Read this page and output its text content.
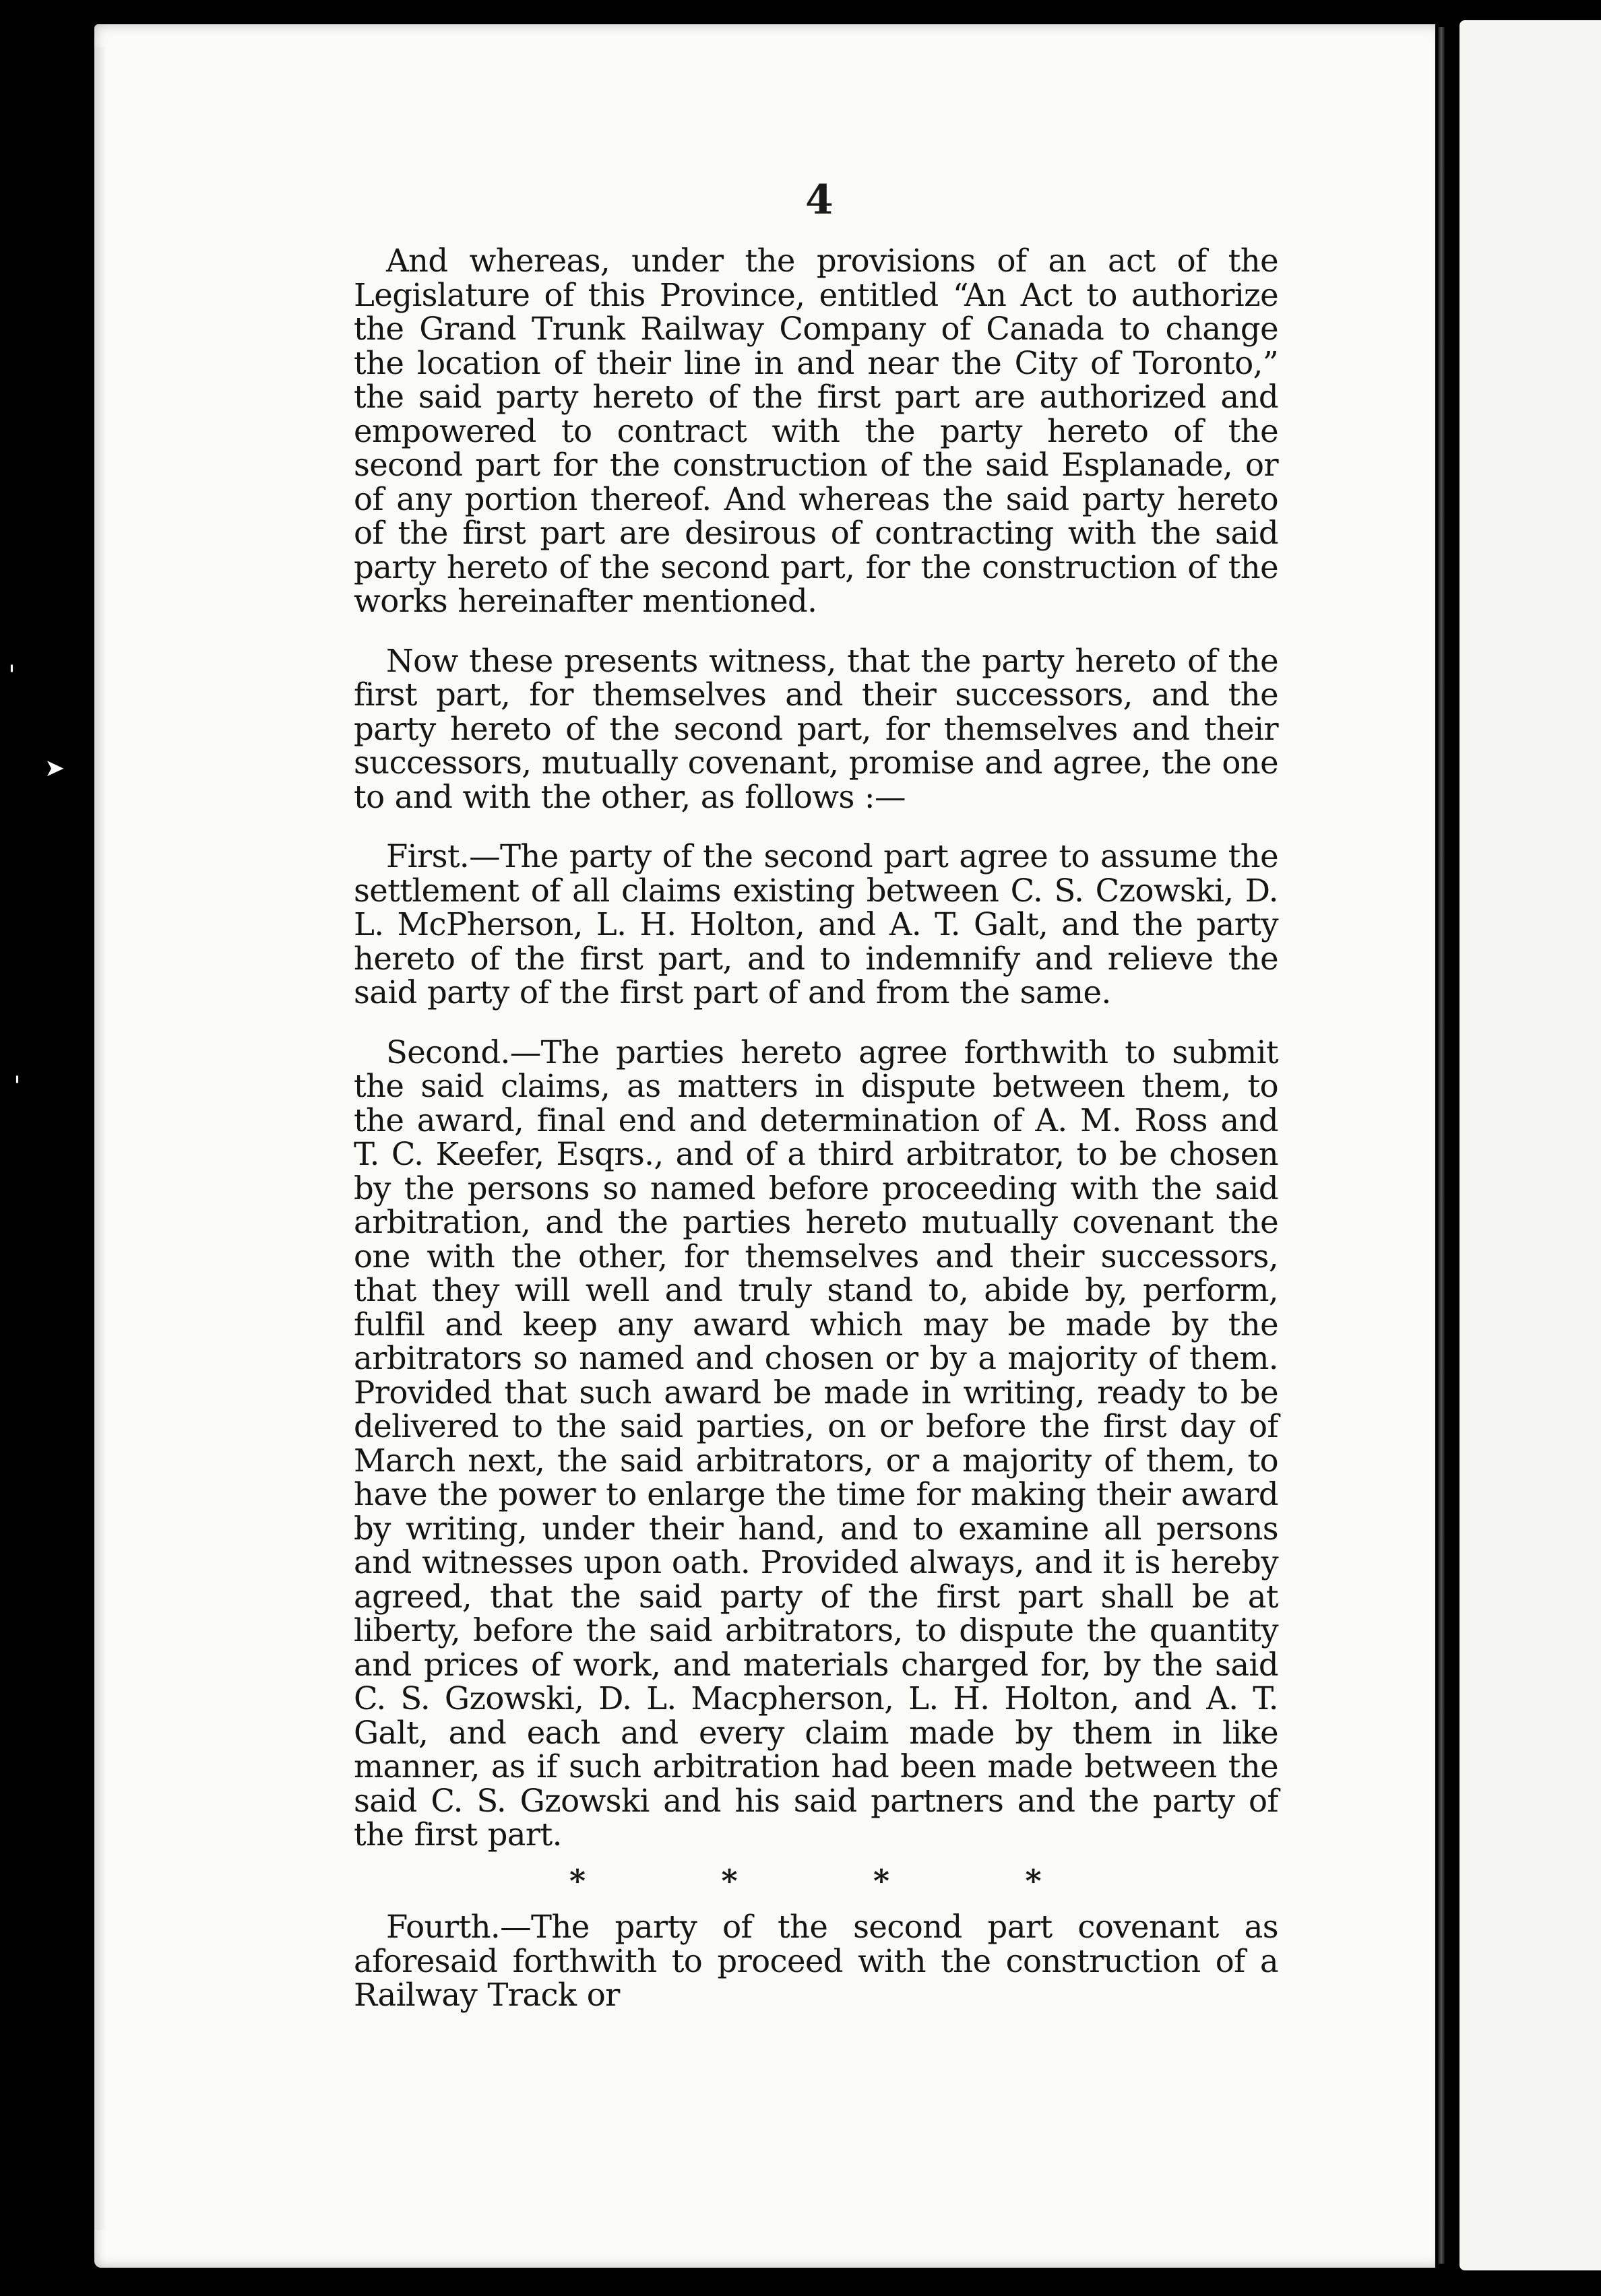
'
➤
'
4

And whereas, under the provisions of an act of the Legislature of this Province, entitled “An Act to authorize the Grand Trunk Railway Company of Canada to change the location of their line in and near the City of Toronto,” the said party hereto of the first part are authorized and empowered to contract with the party hereto of the second part for the construction of the said Esplanade, or of any portion thereof. And whereas the said party hereto of the first part are desirous of contracting with the said party hereto of the second part, for the construction of the works hereinafter mentioned.

Now these presents witness, that the party hereto of the first part, for themselves and their successors, and the party hereto of the second part, for themselves and their successors, mutually covenant, promise and agree, the one to and with the other, as follows :—

First.—The party of the second part agree to assume the settlement of all claims existing between C. S. Czowski, D. L. McPherson, L. H. Holton, and A. T. Galt, and the party hereto of the first part, and to indemnify and relieve the said party of the first part of and from the same.

Second.—The parties hereto agree forthwith to submit the said claims, as matters in dispute between them, to the award, final end and determination of A. M. Ross and T. C. Keefer, Esqrs., and of a third arbitrator, to be chosen by the persons so named before proceeding with the said arbitration, and the parties hereto mutually covenant the one with the other, for themselves and their successors, that they will well and truly stand to, abide by, perform, fulfil and keep any award which may be made by the arbitrators so named and chosen or by a majority of them. Provided that such award be made in writing, ready to be delivered to the said parties, on or before the first day of March next, the said arbitrators, or a majority of them, to have the power to enlarge the time for making their award by writing, under their hand, and to examine all persons and witnesses upon oath. Provided always, and it is hereby agreed, that the said party of the first part shall be at liberty, before the said arbitrators, to dispute the quantity and prices of work, and materials charged for, by the said C. S. Gzowski, D. L. Macpherson, L. H. Holton, and A. T. Galt, and each and every claim made by them in like manner, as if such arbitration had been made between the said C. S. Gzowski and his said partners and the party of the first part.

*	*	*	*

Fourth.—The party of the second part covenant as aforesaid forthwith to proceed with the construction of a Railway Track or
